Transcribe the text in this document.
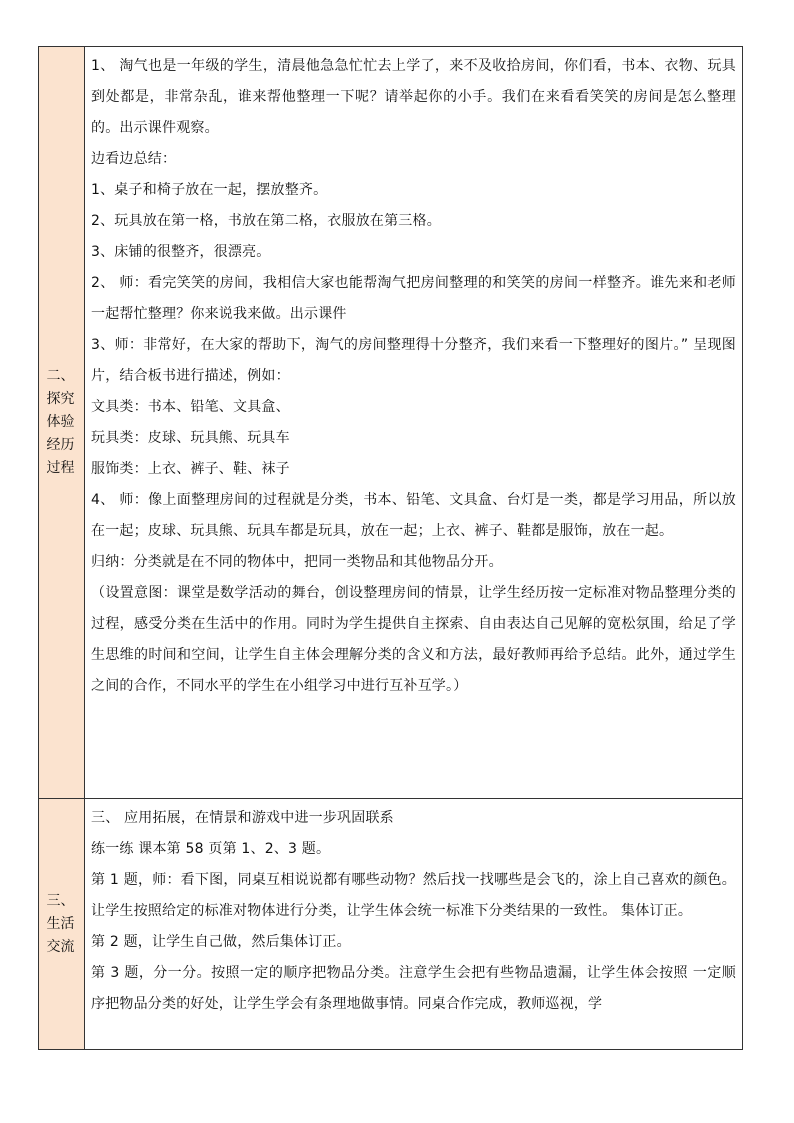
二、
探究
体验
经历
过程

1、 淘气也是一年级的学生，清晨他急急忙忙去上学了，来不及收拾房间，你们看，书本、衣物、玩具到处都是，非常杂乱，谁来帮他整理一下呢？请举起你的小手。我们在来看看笑笑的房间是怎么整理的。出示课件观察。

边看边总结：

1、桌子和椅子放在一起，摆放整齐。

2、玩具放在第一格，书放在第二格，衣服放在第三格。

3、床铺的很整齐，很漂亮。

2、 师：看完笑笑的房间，我相信大家也能帮淘气把房间整理的和笑笑的房间一样整齐。谁先来和老师一起帮忙整理？你来说我来做。出示课件

3、师：非常好，在大家的帮助下，淘气的房间整理得十分整齐，我们来看一下整理好的图片。” 呈现图片，结合板书进行描述，例如：

文具类：书本、铅笔、文具盒、

玩具类：皮球、玩具熊、玩具车

服饰类：上衣、裤子、鞋、袜子

4、 师：像上面整理房间的过程就是分类，书本、铅笔、文具盒、台灯是一类，都是学习用品，所以放在一起；皮球、玩具熊、玩具车都是玩具，放在一起；上衣、裤子、鞋都是服饰，放在一起。

归纳：分类就是在不同的物体中，把同一类物品和其他物品分开。

（设置意图：课堂是数学活动的舞台，创设整理房间的情景，让学生经历按一定标准对物品整理分类的过程，感受分类在生活中的作用。同时为学生提供自主探索、自由表达自己见解的宽松氛围，给足了学生思维的时间和空间，让学生自主体会理解分类的含义和方法，最好教师再给予总结。此外，通过学生之间的合作，不同水平的学生在小组学习中进行互补互学。）

三、
生活
交流

三、 应用拓展，在情景和游戏中进一步巩固联系

练一练 课本第 58 页第 1、2、3 题。

第 1 题，师：看下图，同桌互相说说都有哪些动物？然后找一找哪些是会飞的，涂上自己喜欢的颜色。 让学生按照给定的标准对物体进行分类，让学生体会统一标准下分类结果的一致性。 集体订正。

第 2 题，让学生自己做，然后集体订正。

第 3 题，分一分。按照一定的顺序把物品分类。注意学生会把有些物品遗漏，让学生体会按照 一定顺序把物品分类的好处，让学生学会有条理地做事情。同桌合作完成，教师巡视，学
